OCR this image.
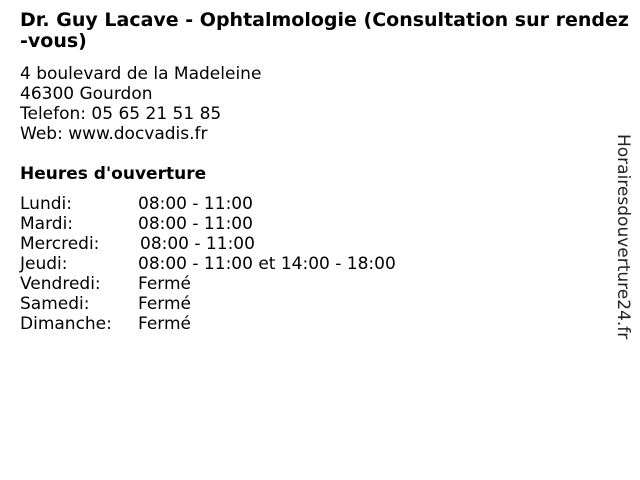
Dr. Guy Lacave - Ophtalmologie (Consultation sur rendez-vous)
4 boulevard de la Madeleine
46300 Gourdon
Telefon: 05 65 21 51 85
Web: www.docvadis.fr
Heures d'ouverture
Lundi:	08:00 - 11:00
Mardi:	08:00 - 11:00
Mercredi: 08:00 - 11:00
Jeudi:	08:00 - 11:00 et 14:00 - 18:00
Vendredi: Fermé
Samedi:	Fermé
Dimanche: Fermé	Horairesdouverture24.fr
